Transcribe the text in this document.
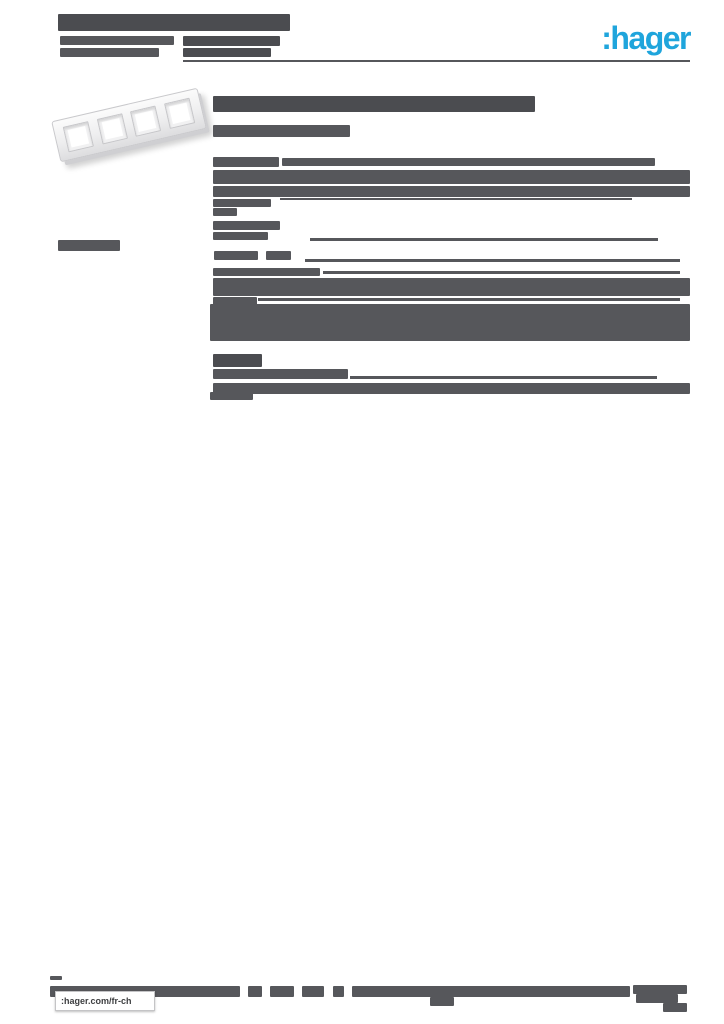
:hager
:hager.com/fr-ch
